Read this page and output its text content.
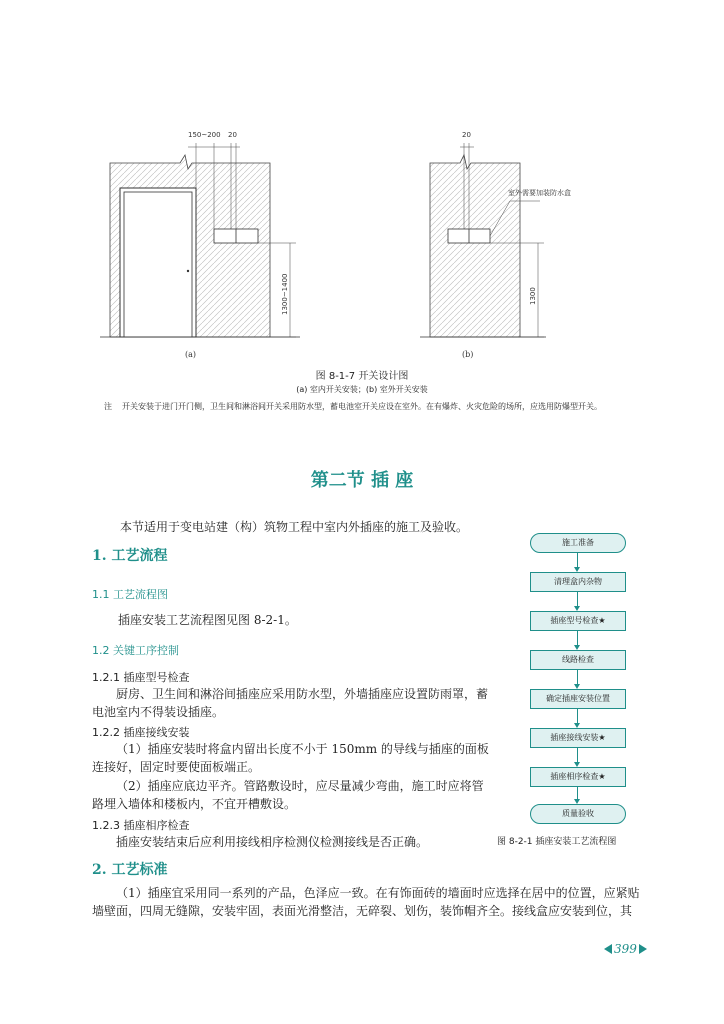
150~200 20
1300~1400
20
1300
室外需要加装防水盒
(a)	(b)
图 8-1-7 开关设计图
(a) 室内开关安装；(b) 室外开关安装
注 开关安装于进门开门侧，卫生间和淋浴间开关采用防水型，蓄电池室开关应设在室外。在有爆炸、火灾危险的场所，应选用防爆型开关。
第二节 插 座

本节适用于变电站建（构）筑物工程中室内外插座的施工及验收。

1. 工艺流程
1.1 工艺流程图

插座安装工艺流程图见图 8-2-1。

1.2 关键工序控制
1.2.1 插座型号检查

厨房、卫生间和淋浴间插座应采用防水型，外墙插座应设置防雨罩，蓄电池室内不得装设插座。

1.2.2 插座接线安装

（1）插座安装时将盒内留出长度不小于 150mm 的导线与插座的面板连接好，固定时要使面板端正。

（2）插座应底边平齐。管路敷设时，应尽量减少弯曲，施工时应将管路埋入墙体和楼板内，不宜开槽敷设。

1.2.3 插座相序检查

插座安装结束后应利用接线相序检测仪检测接线是否正确。

2. 工艺标准

（1）插座宜采用同一系列的产品，色泽应一致。在有饰面砖的墙面时应选择在居中的位置，应紧贴墙壁面，四周无缝隙，安装牢固，表面光滑整洁，无碎裂、划伤，装饰帽齐全。接线盒应安装到位，其

施工准备
清理盒内杂物
插座型号检查★
线路检查
确定插座安装位置
插座接线安装★
插座相序检查★
质量验收
图 8-2-1 插座安装工艺流程图
399
